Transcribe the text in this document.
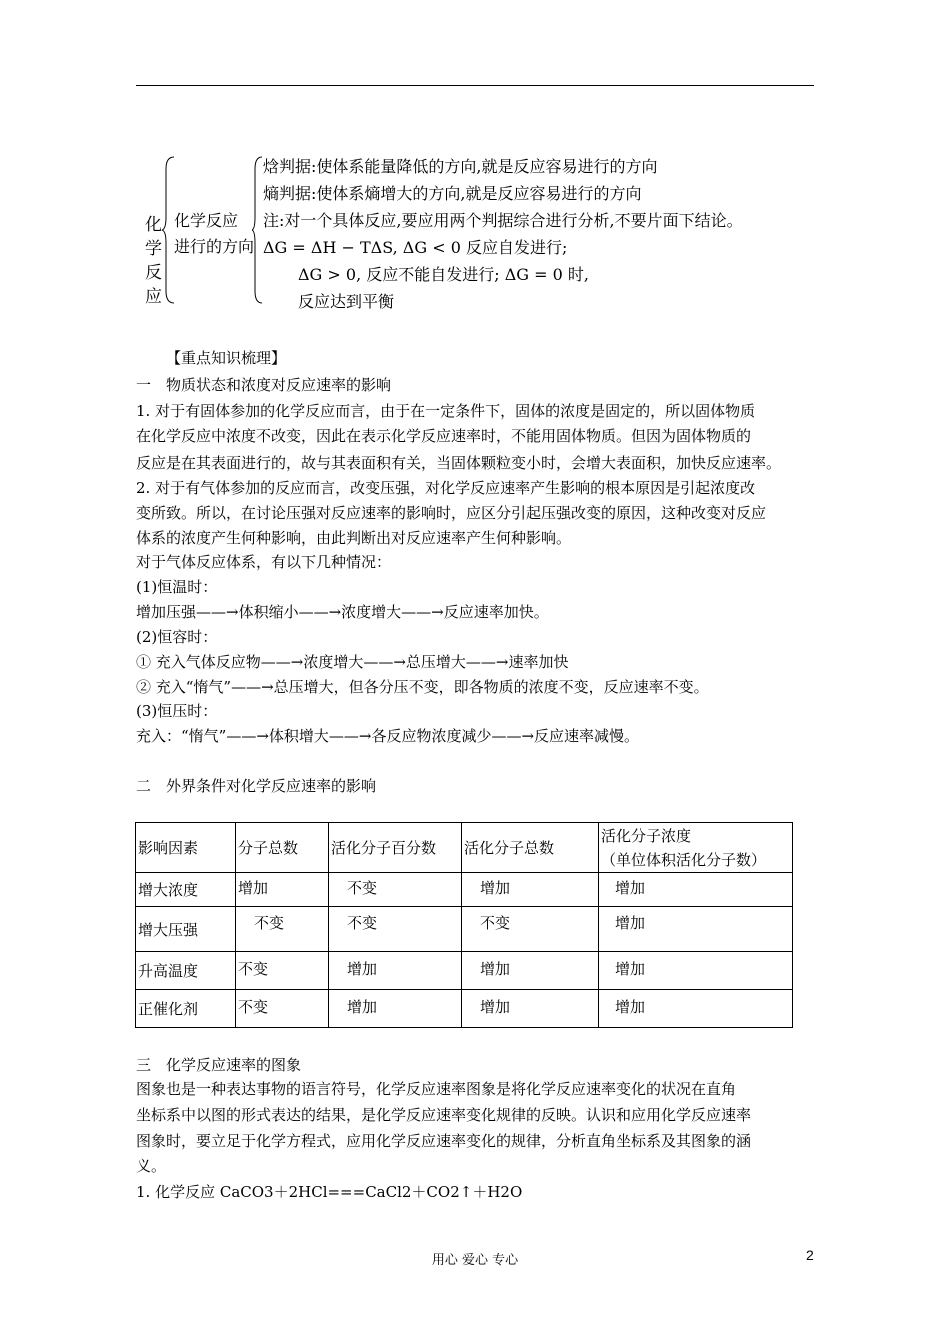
化学反应
化学反应
进行的方向
焓判据:使体系能量降低的方向,就是反应容易进行的方向
熵判据:使体系熵增大的方向,就是反应容易进行的方向
注:对一个具体反应,要应用两个判据综合进行分析,不要片面下结论。
ΔG = ΔH − TΔS, ΔG < 0 反应自发进行;
ΔG > 0, 反应不能自发进行; ΔG = 0 时,
反应达到平衡
【重点知识梳理】
一　物质状态和浓度对反应速率的影响
1. 对于有固体参加的化学反应而言，由于在一定条件下，固体的浓度是固定的，所以固体物质
在化学反应中浓度不改变，因此在表示化学反应速率时，不能用固体物质。但因为固体物质的
反应是在其表面进行的，故与其表面积有关，当固体颗粒变小时，会增大表面积，加快反应速率。
2. 对于有气体参加的反应而言，改变压强，对化学反应速率产生影响的根本原因是引起浓度改
变所致。所以，在讨论压强对反应速率的影响时，应区分引起压强改变的原因，这种改变对反应
体系的浓度产生何种影响，由此判断出对反应速率产生何种影响。
对于气体反应体系，有以下几种情况：
(1)恒温时：
增加压强——→体积缩小——→浓度增大——→反应速率加快。
(2)恒容时：
① 充入气体反应物——→浓度增大——→总压增大——→速率加快
② 充入“惰气”——→总压增大，但各分压不变，即各物质的浓度不变，反应速率不变。
(3)恒压时：
充入：“惰气”——→体积增大——→各反应物浓度减少——→反应速率减慢。
二　外界条件对化学反应速率的影响
影响因素	分子总数	活化分子百分数	活化分子总数	活化分子浓度
（单位体积活化分子数）

增大浓度	增加	不变	增加	增加
增大压强	不变	不变	不变	增加
升高温度	不变	增加	增加	增加
正催化剂	不变	增加	增加	增加
三　化学反应速率的图象
图象也是一种表达事物的语言符号，化学反应速率图象是将化学反应速率变化的状况在直角
坐标系中以图的形式表达的结果，是化学反应速率变化规律的反映。认识和应用化学反应速率
图象时，要立足于化学方程式，应用化学反应速率变化的规律，分析直角坐标系及其图象的涵
义。
1. 化学反应 CaCO3＋2HCl===CaCl2＋CO2↑＋H2O
用心 爱心 专心	2
